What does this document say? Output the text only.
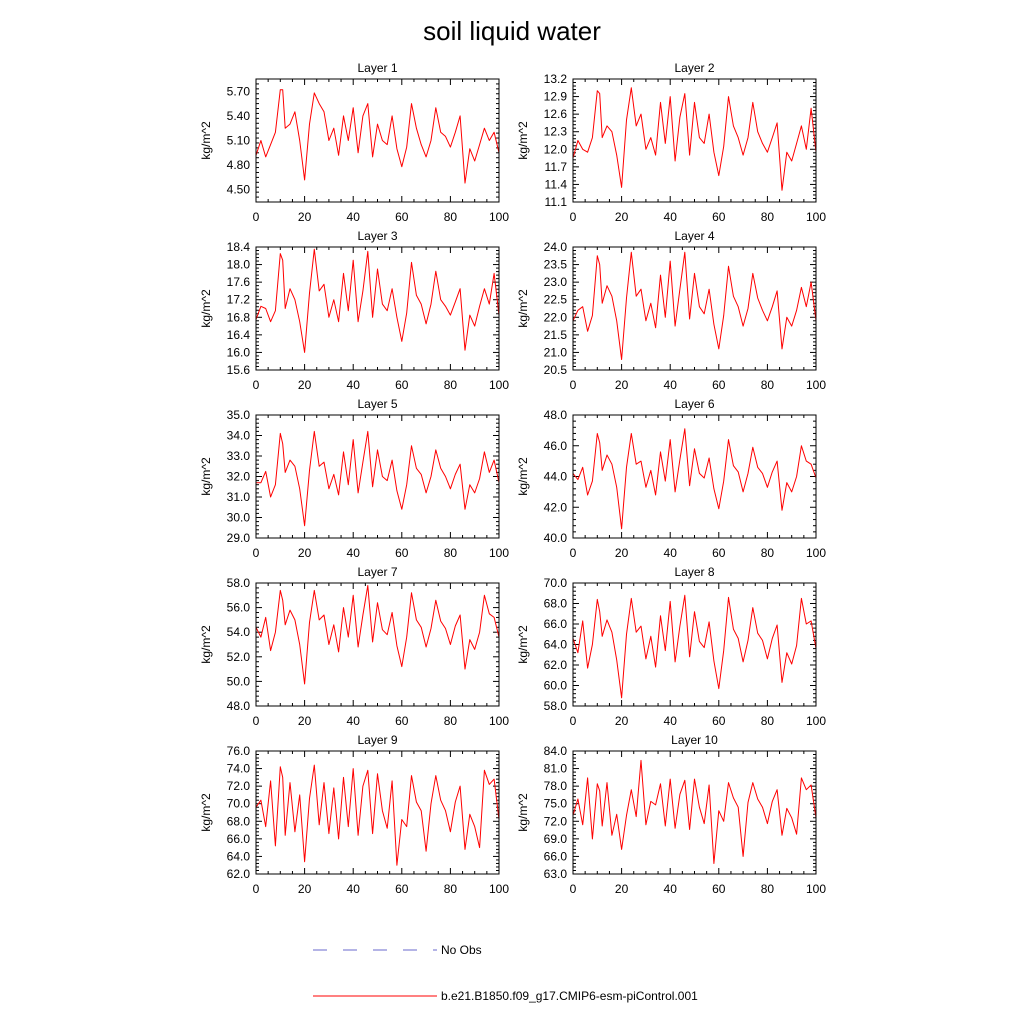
soil liquid water
Layer 1
kg/m^2
0	20	40	60	80	100
4.50
4.80
5.10
5.40
5.70
Layer 2
kg/m^2
0	20	40	60	80	100
11.1
11.4
11.7
12.0
12.3
12.6
12.9
13.2
Layer 3
kg/m^2
0	20	40	60	80	100
15.6
16.0
16.4
16.8
17.2
17.6
18.0
18.4
Layer 4
kg/m^2
0	20	40	60	80	100
20.5
21.0
21.5
22.0
22.5
23.0
23.5
24.0
Layer 5
kg/m^2
0	20	40	60	80	100
29.0
30.0
31.0
32.0
33.0
34.0
35.0
Layer 6
kg/m^2
0	20	40	60	80	100
40.0
42.0
44.0
46.0
48.0
Layer 7
kg/m^2
0	20	40	60	80	100
48.0
50.0
52.0
54.0
56.0
58.0
Layer 8
kg/m^2
0	20	40	60	80	100
58.0
60.0
62.0
64.0
66.0
68.0
70.0
Layer 9
kg/m^2
0	20	40	60	80	100
62.0
64.0
66.0
68.0
70.0
72.0
74.0
76.0
Layer 10
kg/m^2
0	20	40	60	80	100
63.0
66.0
69.0
72.0
75.0
78.0
81.0
84.0
No Obs
b.e21.B1850.f09_g17.CMIP6-esm-piControl.001
